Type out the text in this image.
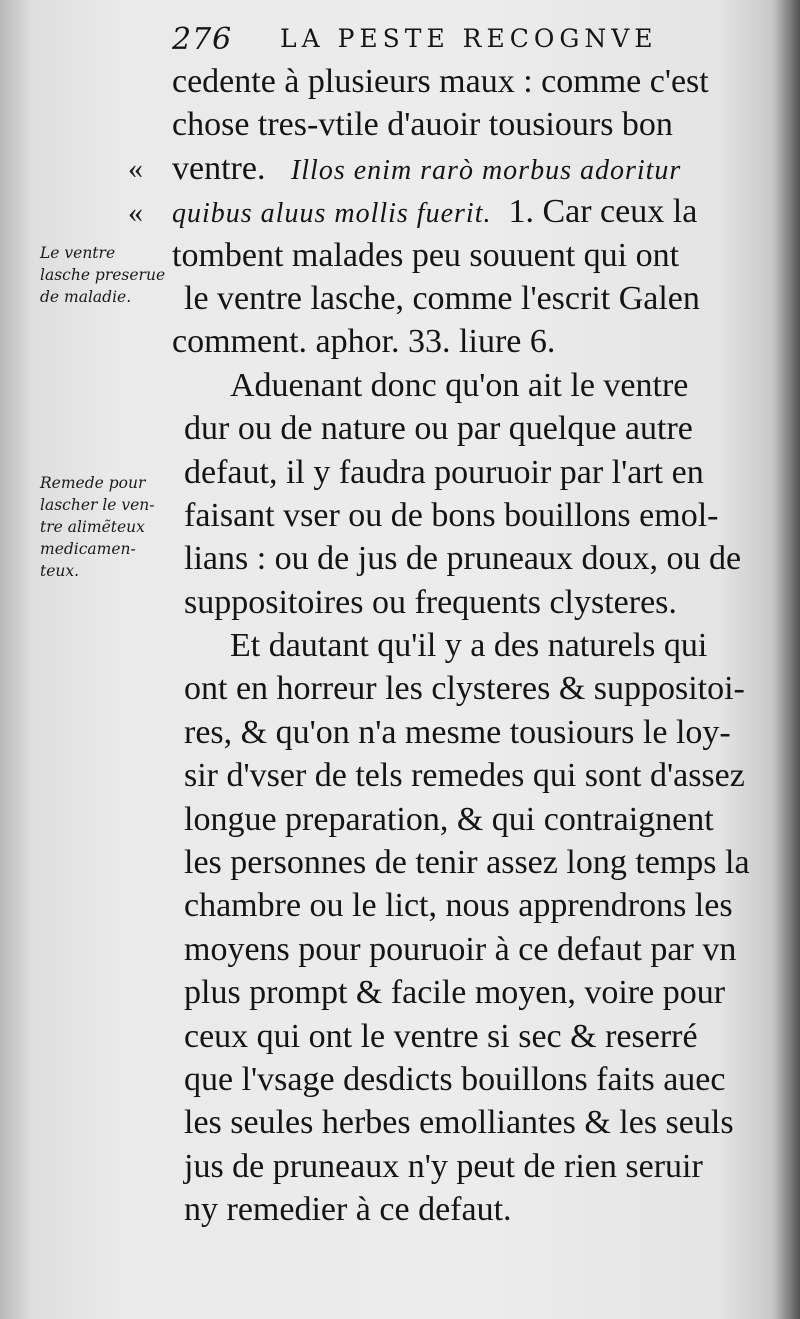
276 LA PESTE RECOGNVE
«
«
Le ventre
lasche preserue
de maladie.
Remede pour
lascher le ven-
tre alimẽteux
medicamen-
teux.
cedente à plusieurs maux : comme c'est
chose tres-vtile d'auoir tousiours bon
ventre. Illos enim rarò morbus adoritur
quibus aluus mollis fuerit. 1. Car ceux la
tombent malades peu souuent qui ont
le ventre lasche, comme l'escrit Galen
comment. aphor. 33. liure 6.
Aduenant donc qu'on ait le ventre
dur ou de nature ou par quelque autre
defaut, il y faudra pouruoir par l'art en
faisant vser ou de bons bouillons emol-
lians : ou de jus de pruneaux doux, ou de
suppositoires ou frequents clysteres.
Et dautant qu'il y a des naturels qui
ont en horreur les clysteres & suppositoi-
res, & qu'on n'a mesme tousiours le loy-
sir d'vser de tels remedes qui sont d'assez
longue preparation, & qui contraignent
les personnes de tenir assez long temps la
chambre ou le lict, nous apprendrons les
moyens pour pouruoir à ce defaut par vn
plus prompt & facile moyen, voire pour
ceux qui ont le ventre si sec & reserré
que l'vsage desdicts bouillons faits auec
les seules herbes emolliantes & les seuls
jus de pruneaux n'y peut de rien seruir
ny remedier à ce defaut.
